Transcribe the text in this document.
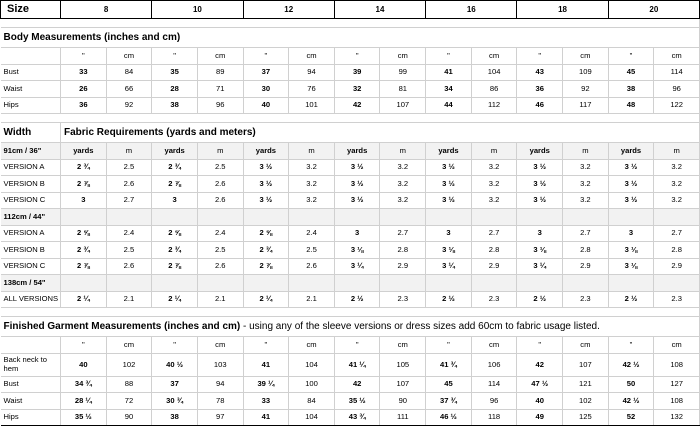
Size	8		10		12		14		16		18		20	

Body Measurements (inches and cm)														
	"	cm	"	cm	"	cm	"	cm	"	cm	"	cm	"	cm
Bust	33	84	35	89	37	94	39	99	41	104	43	109	45	114
Waist	26	66	28	71	30	76	32	81	34	86	36	92	38	96
Hips	36	92	38	96	40	101	42	107	44	112	46	117	48	122

Width	Fabric Requirements (yards and meters)													
91cm / 36"	yards	m	yards	m	yards	m	yards	m	yards	m	yards	m	yards	m
VERSION A	2 ¾	2.5	2 ¾	2.5	3 ½	3.2	3 ½	3.2	3 ½	3.2	3 ½	3.2	3 ½	3.2
VERSION B	2 ⅞	2.6	2 ⅞	2.6	3 ½	3.2	3 ½	3.2	3 ½	3.2	3 ½	3.2	3 ½	3.2
VERSION C	3	2.7	3	2.6	3 ½	3.2	3 ½	3.2	3 ½	3.2	3 ½	3.2	3 ½	3.2
112cm / 44"														
VERSION A	2 ⅝	2.4	2 ⅝	2.4	2 ⅝	2.4	3	2.7	3	2.7	3	2.7	3	2.7
VERSION B	2 ¾	2.5	2 ¾	2.5	2 ¾	2.5	3 ⅛	2.8	3 ⅛	2.8	3 ⅛	2.8	3 ⅛	2.8
VERSION C	2 ⅞	2.6	2 ⅞	2.6	2 ⅞	2.6	3 ¼	2.9	3 ¼	2.9	3 ¼	2.9	3 ⅛	2.9
138cm / 54"														
ALL VERSIONS	2 ¼	2.1	2 ¼	2.1	2 ¼	2.1	2 ½	2.3	2 ½	2.3	2 ½	2.3	2 ½	2.3

Finished Garment Measurements (inches and cm) - using any of the sleeve versions or dress sizes add 60cm to fabric usage listed.														
	"	cm	"	cm	"	cm	"	cm	"	cm	"	cm	"	cm
Back neck to hem	40	102	40 ½	103	41	104	41 ¼	105	41 ¾	106	42	107	42 ½	108
Bust	34 ¾	88	37	94	39 ¼	100	42	107	45	114	47 ½	121	50	127
Waist	28 ¼	72	30 ¾	78	33	84	35 ½	90	37 ¾	96	40	102	42 ½	108
Hips	35 ½	90	38	97	41	104	43 ¾	111	46 ½	118	49	125	52	132
